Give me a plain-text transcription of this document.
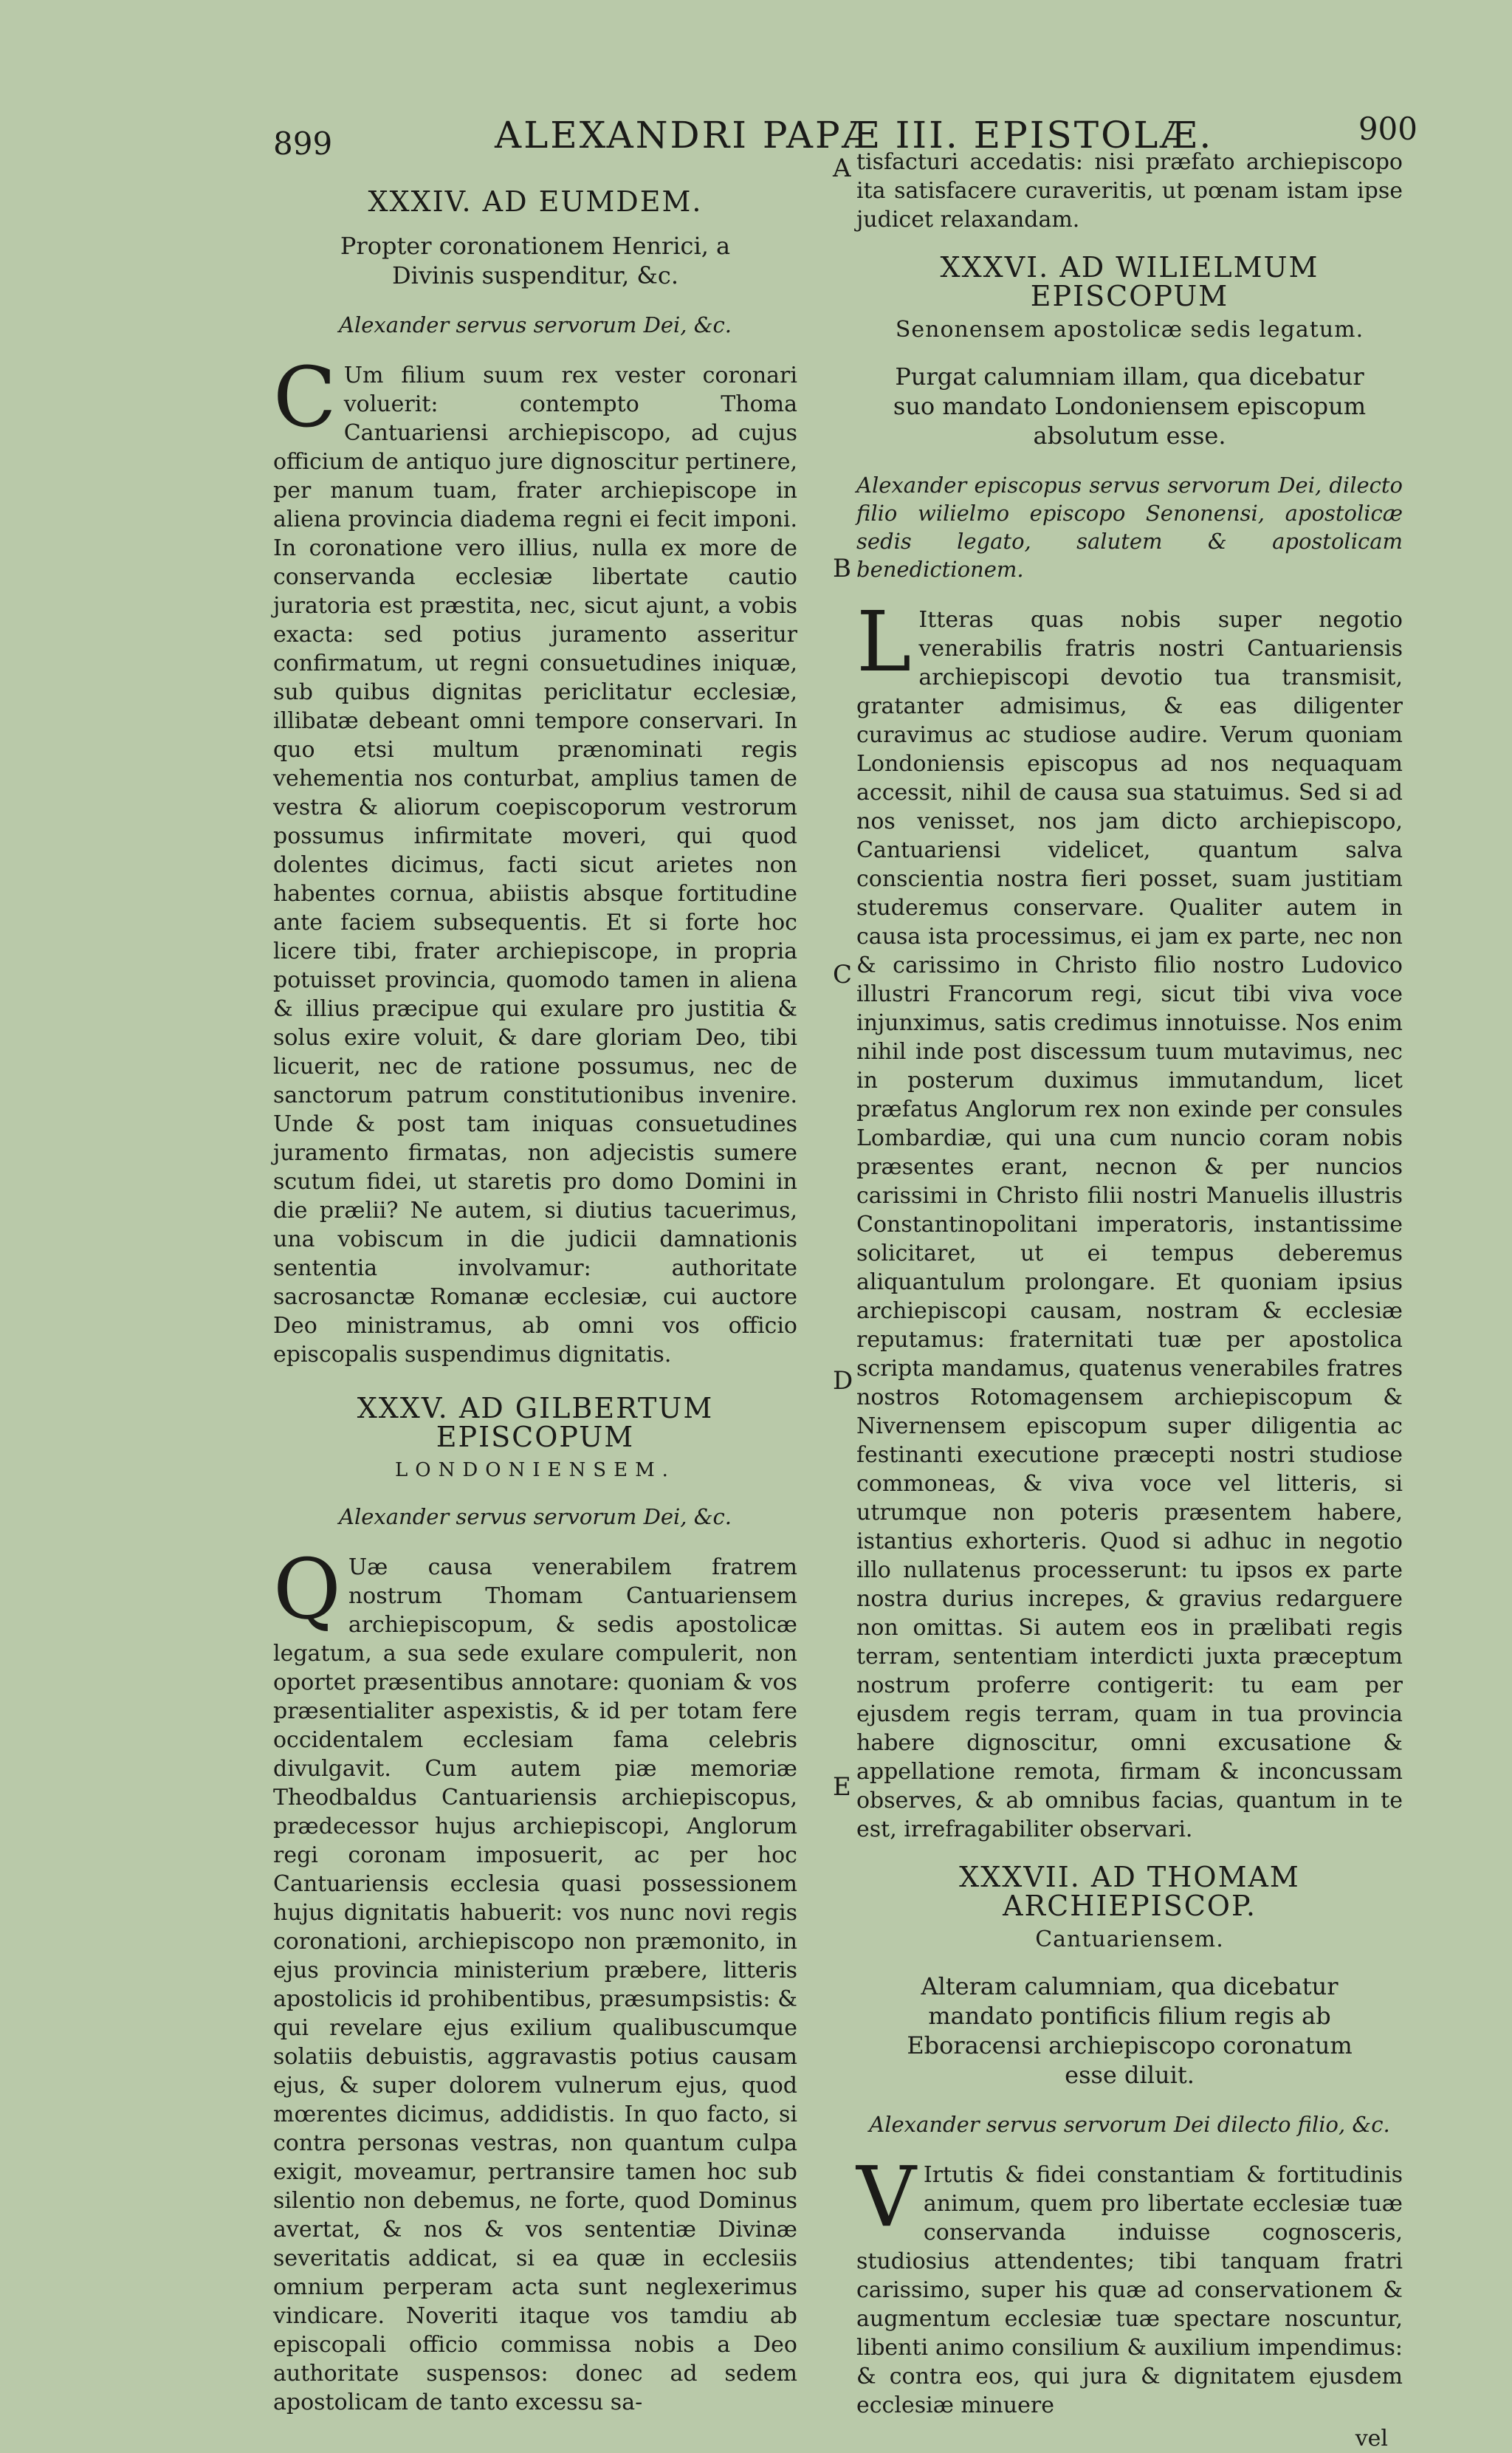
899	ALEXANDRI PAPÆ III. EPISTOLÆ.	900
XXXIV. AD EUMDEM.
Propter coronationem Henrici, a Divinis suspenditur, &c.
Alexander servus servorum Dei, &c.
C Um filium suum rex vester coronari voluerit: contempto Thoma Cantuariensi archiepiscopo, ad cujus officium de antiquo jure dignoscitur pertinere, per manum tuam, frater archiepiscope in aliena provincia diadema regni ei fecit imponi. In coronatione vero illius, nulla ex more de conservanda ecclesiæ libertate cautio juratoria est præstita, nec, sicut ajunt, a vobis exacta: sed potius juramento asseritur confirmatum, ut regni consuetudines iniquæ, sub quibus dignitas periclitatur ecclesiæ, illibatæ debeant omni tempore conservari. In quo etsi multum prænominati regis vehementia nos conturbat, amplius tamen de vestra & aliorum coepiscoporum vestrorum possumus infirmitate moveri, qui quod dolentes dicimus, facti sicut arietes non habentes cornua, abiistis absque fortitudine ante faciem subsequentis. Et si forte hoc licere tibi, frater archiepiscope, in propria potuisset provincia, quomodo tamen in aliena & illius præcipue qui exulare pro justitia & solus exire voluit, & dare gloriam Deo, tibi licuerit, nec de ratione possumus, nec de sanctorum patrum constitutionibus invenire. Unde & post tam iniquas consuetudines juramento firmatas, non adjecistis sumere scutum fidei, ut staretis pro domo Domini in die prælii? Ne autem, si diutius tacuerimus, una vobiscum in die judicii damnationis sententia involvamur: authoritate sacrosanctæ Romanæ ecclesiæ, cui auctore Deo ministramus, ab omni vos officio episcopalis suspendimus dignitatis.
XXXV. AD GILBERTUM EPISCOPUM
LONDONIENSEM.
Alexander servus servorum Dei, &c.
Q Uæ causa venerabilem fratrem nostrum Thomam Cantuariensem archiepiscopum, & sedis apostolicæ legatum, a sua sede exulare compulerit, non oportet præsentibus annotare: quoniam & vos præsentialiter aspexistis, & id per totam fere occidentalem ecclesiam fama celebris divulgavit. Cum autem piæ memoriæ Theodbaldus Cantuariensis archiepiscopus, prædecessor hujus archiepiscopi, Anglorum regi coronam imposuerit, ac per hoc Cantuariensis ecclesia quasi possessionem hujus dignitatis habuerit: vos nunc novi regis coronationi, archiepiscopo non præmonito, in ejus provincia ministerium præbere, litteris apostolicis id prohibentibus, præsumpsistis: & qui revelare ejus exilium qualibuscumque solatiis debuistis, aggravastis potius causam ejus, & super dolorem vulnerum ejus, quod mœrentes dicimus, addidistis. In quo facto, si contra personas vestras, non quantum culpa exigit, moveamur, pertransire tamen hoc sub silentio non debemus, ne forte, quod Dominus avertat, & nos & vos sententiæ Divinæ severitatis addicat, si ea quæ in ecclesiis omnium perperam acta sunt neglexerimus vindicare. Noveriti itaque vos tamdiu ab episcopali officio commissa nobis a Deo authoritate suspensos: donec ad sedem apostolicam de tanto excessu sa-
A
B
C
D
E
tisfacturi accedatis: nisi præfato archiepiscopo ita satisfacere curaveritis, ut pœnam istam ipse judicet relaxandam.
XXXVI. AD WILIELMUM EPISCOPUM
Senonensem apostolicæ sedis legatum.
Purgat calumniam illam, qua dicebatur suo mandato Londoniensem episcopum absolutum esse.
Alexander episcopus servus servorum Dei, dilecto filio wilielmo episcopo Senonensi, apostolicæ sedis legato, salutem & apostolicam benedictionem.
L Itteras quas nobis super negotio venerabilis fratris nostri Cantuariensis archiepiscopi devotio tua transmisit, gratanter admisimus, & eas diligenter curavimus ac studiose audire. Verum quoniam Londoniensis episcopus ad nos nequaquam accessit, nihil de causa sua statuimus. Sed si ad nos venisset, nos jam dicto archiepiscopo, Cantuariensi videlicet, quantum salva conscientia nostra fieri posset, suam justitiam studeremus conservare. Qualiter autem in causa ista processimus, ei jam ex parte, nec non & carissimo in Christo filio nostro Ludovico illustri Francorum regi, sicut tibi viva voce injunximus, satis credimus innotuisse. Nos enim nihil inde post discessum tuum mutavimus, nec in posterum duximus immutandum, licet præfatus Anglorum rex non exinde per consules Lombardiæ, qui una cum nuncio coram nobis præsentes erant, necnon & per nuncios carissimi in Christo filii nostri Manuelis illustris Constantinopolitani imperatoris, instantissime solicitaret, ut ei tempus deberemus aliquantulum prolongare. Et quoniam ipsius archiepiscopi causam, nostram & ecclesiæ reputamus: fraternitati tuæ per apostolica scripta mandamus, quatenus venerabiles fratres nostros Rotomagensem archiepiscopum & Nivernensem episcopum super diligentia ac festinanti executione præcepti nostri studiose commoneas, & viva voce vel litteris, si utrumque non poteris præsentem habere, istantius exhorteris. Quod si adhuc in negotio illo nullatenus processerunt: tu ipsos ex parte nostra durius increpes, & gravius redarguere non omittas. Si autem eos in prælibati regis terram, sententiam interdicti juxta præceptum nostrum proferre contigerit: tu eam per ejusdem regis terram, quam in tua provincia habere dignoscitur, omni excusatione & appellatione remota, firmam & inconcussam observes, & ab omnibus facias, quantum in te est, irrefragabiliter observari.
XXXVII. AD THOMAM ARCHIEPISCOP.
Cantuariensem.
Alteram calumniam, qua dicebatur mandato pontificis filium regis ab Eboracensi archiepiscopo coronatum esse diluit.
Alexander servus servorum Dei dilecto filio, &c.
V Irtutis & fidei constantiam & fortitudinis animum, quem pro libertate ecclesiæ tuæ conservanda induisse cognosceris, studiosius attendentes; tibi tanquam fratri carissimo, super his quæ ad conservationem & augmentum ecclesiæ tuæ spectare noscuntur, libenti animo consilium & auxilium impendimus: & contra eos, qui jura & dignitatem ejusdem ecclesiæ minuere
vel
